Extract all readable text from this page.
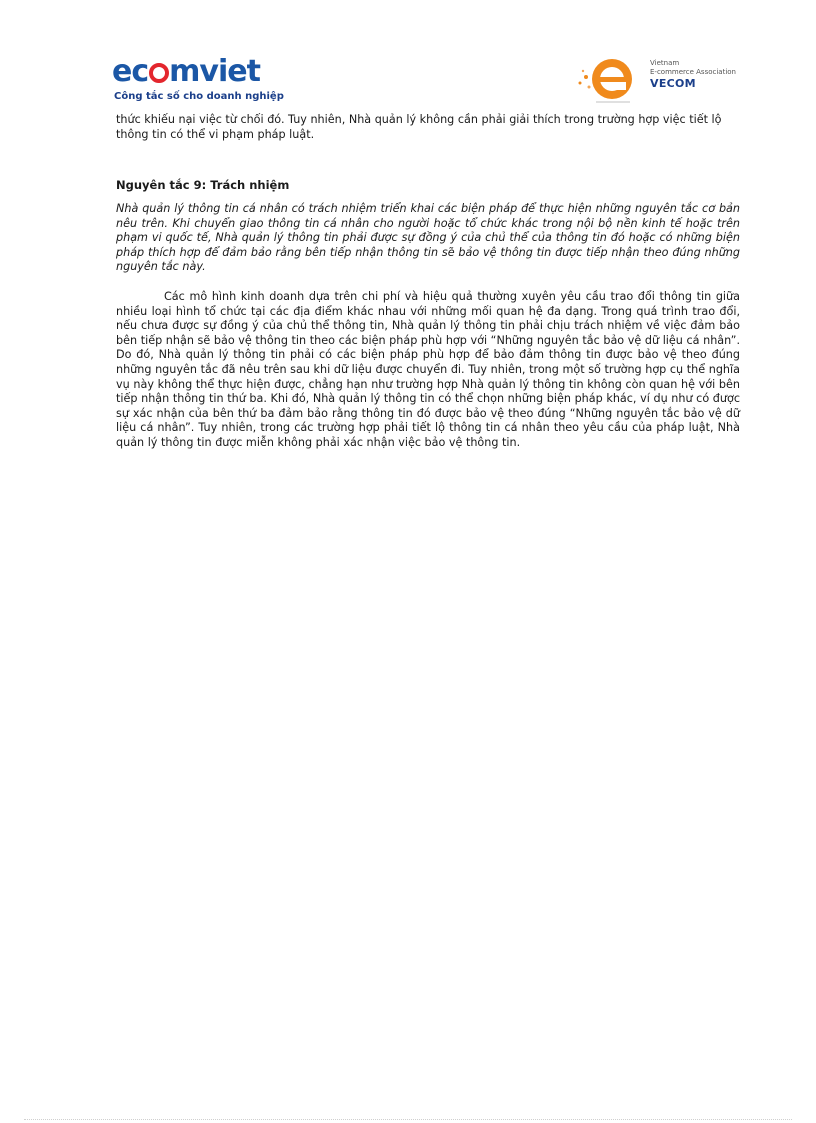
ec mviet
Công tắc số cho doanh nghiệp
Vietnam
E-commerce Association
VECOM
thức khiếu nại việc từ chối đó. Tuy nhiên, Nhà quản lý không cần phải giải thích trong trường hợp việc tiết lộ thông tin có thể vi phạm pháp luật.
Nguyên tắc 9: Trách nhiệm
Nhà quản lý thông tin cá nhân có trách nhiệm triển khai các biện pháp để thực hiện những nguyên tắc cơ bản nêu trên. Khi chuyển giao thông tin cá nhân cho người hoặc tổ chức khác trong nội bộ nền kinh tế hoặc trên phạm vi quốc tế, Nhà quản lý thông tin phải được sự đồng ý của chủ thể của thông tin đó hoặc có những biện pháp thích hợp để đảm bảo rằng bên tiếp nhận thông tin sẽ bảo vệ thông tin được tiếp nhận theo đúng những nguyên tắc này.
Các mô hình kinh doanh dựa trên chi phí và hiệu quả thường xuyên yêu cầu trao đổi thông tin giữa nhiều loại hình tổ chức tại các địa điểm khác nhau với những mối quan hệ đa dạng. Trong quá trình trao đổi, nếu chưa được sự đồng ý của chủ thể thông tin, Nhà quản lý thông tin phải chịu trách nhiệm về việc đảm bảo bên tiếp nhận sẽ bảo vệ thông tin theo các biện pháp phù hợp với “Những nguyên tắc bảo vệ dữ liệu cá nhân”. Do đó, Nhà quản lý thông tin phải có các biện pháp phù hợp để bảo đảm thông tin được bảo vệ theo đúng những nguyên tắc đã nêu trên sau khi dữ liệu được chuyển đi. Tuy nhiên, trong một số trường hợp cụ thể nghĩa vụ này không thể thực hiện được, chẳng hạn như trường hợp Nhà quản lý thông tin không còn quan hệ với bên tiếp nhận thông tin thứ ba. Khi đó, Nhà quản lý thông tin có thể chọn những biện pháp khác, ví dụ như có được sự xác nhận của bên thứ ba đảm bảo rằng thông tin đó được bảo vệ theo đúng “Những nguyên tắc bảo vệ dữ liệu cá nhân”. Tuy nhiên, trong các trường hợp phải tiết lộ thông tin cá nhân theo yêu cầu của pháp luật, Nhà quản lý thông tin được miễn không phải xác nhận việc bảo vệ thông tin.
